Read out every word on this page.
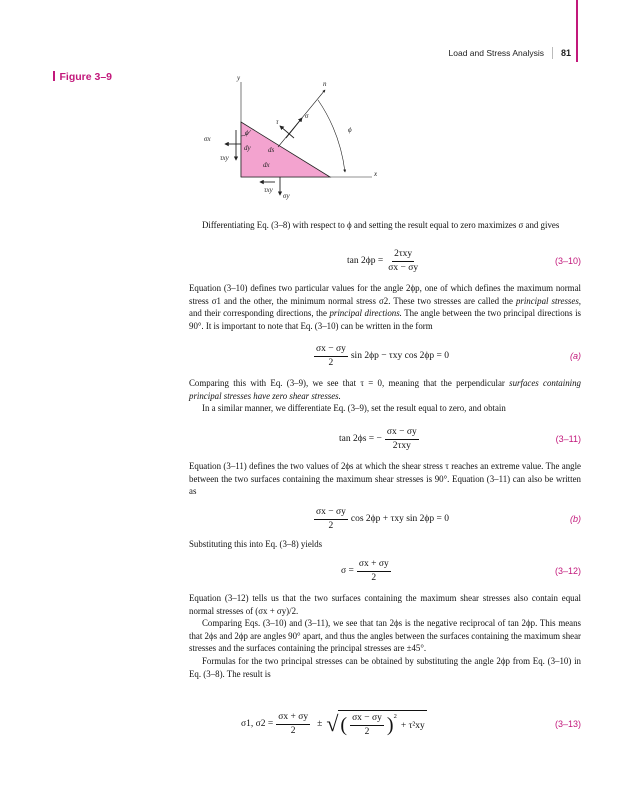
Load and Stress Analysis 81
Figure 3–9	y
x
n
σ
τ
ϕ
σx
τxy
ϕ
dy ds
dx
τxy
σy

Differentiating Eq. (3–8) with respect to ϕ and setting the result equal to zero maximizes σ and gives

$\tan 2\phi p = \frac{\text{2τxy}}{\sigma x - \sigma y}$	(3–10)

Equation (3–10) defines two particular values for the angle 2ϕp, one of which defines the maximum normal stress σ1 and the other, the minimum normal stress σ2. These two stresses are called the principal stresses, and their corresponding directions, the principal directions. The angle between the two principal directions is 90°. It is important to note that Eq. (3–10) can be written in the form

$\frac{\sigma x - \sigma y}{2}$ sin 2ϕp − τxy cos 2ϕp = 0	(a)

Comparing this with Eq. (3–9), we see that τ = 0, meaning that the perpendicular surfaces containing principal stresses have zero shear stresses.

In a similar manner, we differentiate Eq. (3–9), set the result equal to zero, and obtain

tan 2ϕs = − $\frac{\sigma x - \sigma y}{\text{2τxy}}$	(3–11)

Equation (3–11) defines the two values of 2ϕs at which the shear stress τ reaches an extreme value. The angle between the two surfaces containing the maximum shear stresses is 90°. Equation (3–11) can also be written as

$\frac{\sigma x - \sigma y}{2}$ cos 2ϕp + τxy sin 2ϕp = 0	(b)

Substituting this into Eq. (3–8) yields

$\sigma = \frac{\sigma x + \sigma y}{2}$	(3–12)

Equation (3–12) tells us that the two surfaces containing the maximum shear stresses also contain equal normal stresses of (σx + σy)/2.

Comparing Eqs. (3–10) and (3–11), we see that tan 2ϕs is the negative reciprocal of tan 2ϕp. This means that 2ϕs and 2ϕp are angles 90° apart, and thus the angles between the surfaces containing the maximum shear stresses and the surfaces containing the principal stresses are ±45°.

Formulas for the two principal stresses can be obtained by substituting the angle 2ϕp from Eq. (3–10) in Eq. (3–8). The result is

σ1, $\sigma 2 = \frac{\sigma x + \sigma y}{2}$ ± √ ( $\frac{\sigma x - \sigma y}{2} )^2$
+ τ²xy	(3–13)
